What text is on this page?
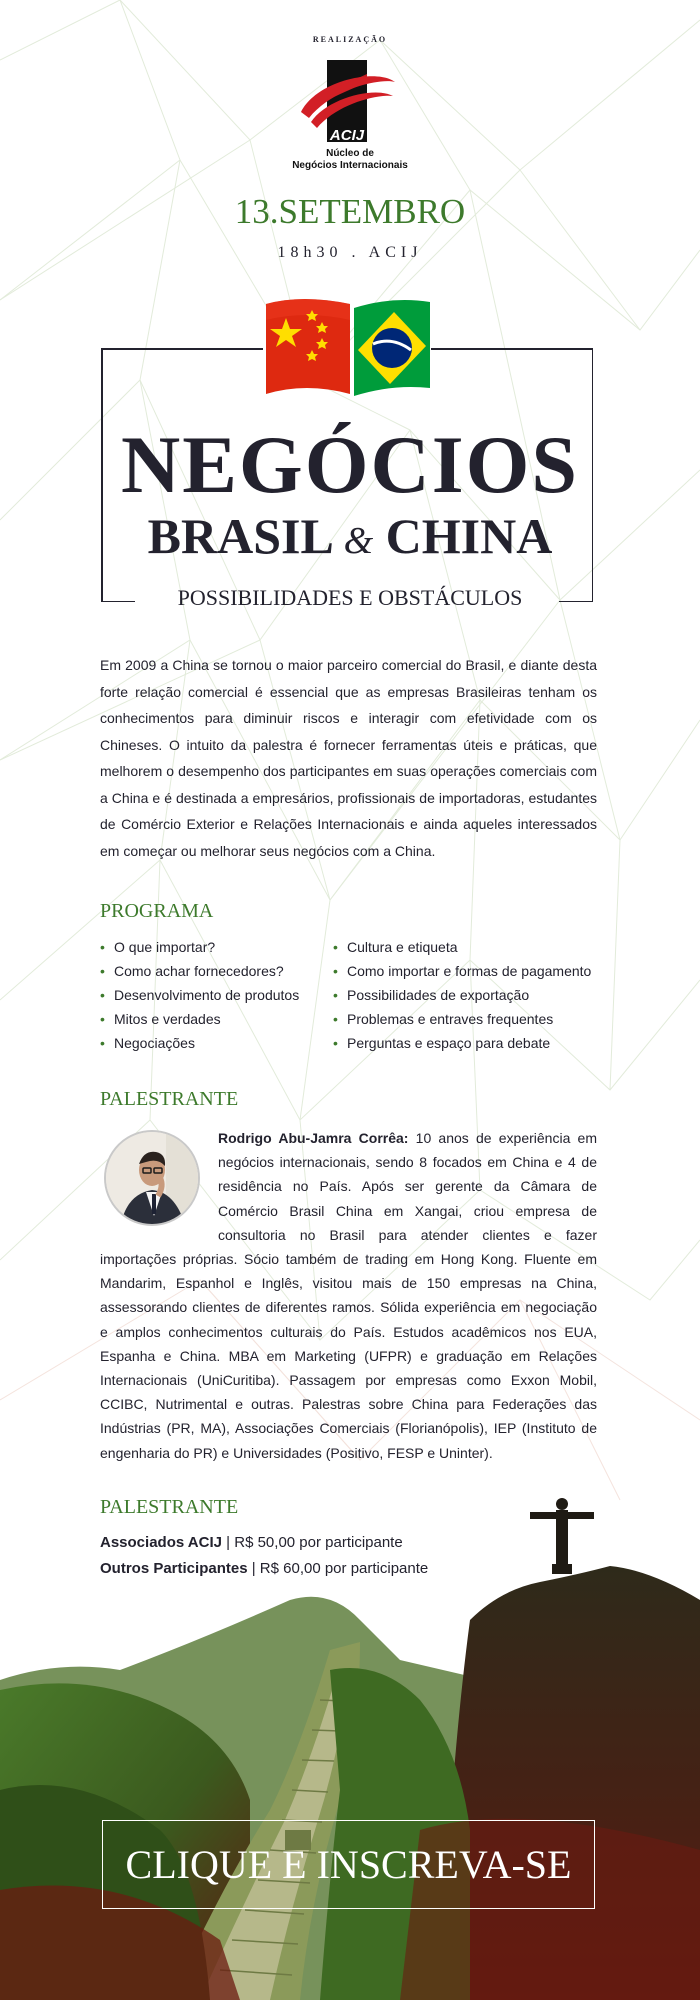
REALIZAÇÃO
ACIJ
Núcleo de
Negócios Internacionais
13.SETEMBRO
18h30 . ACIJ
NEGÓCIOS
BRASIL & CHINA
POSSIBILIDADES E OBSTÁCULOS

Em 2009 a China se tornou o maior parceiro comercial do Brasil, e diante desta forte relação comercial é essencial que as empresas Brasileiras tenham os conhecimentos para diminuir riscos e interagir com efetividade com os Chineses. O intuito da palestra é fornecer ferramentas úteis e práticas, que melhorem o desempenho dos participantes em suas operações comerciais com a China e é destinada a empresários, profissionais de importadoras, estudantes de Comércio Exterior e Relações Internacionais e ainda aqueles interessados em começar ou melhorar seus negócios com a China.

PROGRAMA
• O que importar?
• Como achar fornecedores?
• Desenvolvimento de produtos
• Mitos e verdades
• Negociações
• Cultura e etiqueta
• Como importar e formas de pagamento
• Possibilidades de exportação
• Problemas e entraves frequentes
• Perguntas e espaço para debate
PALESTRANTE
Rodrigo Abu-Jamra Corrêa: 10 anos de experiência em negócios internacionais, sendo 8 focados em China e 4 de residência no País. Após ser gerente da Câmara de Comércio Brasil China em Xangai, criou empresa de consultoria no Brasil para atender clientes e fazer importações próprias. Sócio também de trading em Hong Kong. Fluente em Mandarim, Espanhol e Inglês, visitou mais de 150 empresas na China, assessorando clientes de diferentes ramos. Sólida experiência em negociação e amplos conhecimentos culturais do País. Estudos acadêmicos nos EUA, Espanha e China. MBA em Marketing (UFPR) e graduação em Relações Internacionais (UniCuritiba). Passagem por empresas como Exxon Mobil, CCIBC, Nutrimental e outras. Palestras sobre China para Federações das Indústrias (PR, MA), Associações Comerciais (Florianópolis), IEP (Instituto de engenharia do PR) e Universidades (Positivo, FESP e Uninter).
PALESTRANTE
Associados ACIJ | R$ 50,00 por participante
Outros Participantes | R$ 60,00 por participante
CLIQUE E INSCREVA-SE
